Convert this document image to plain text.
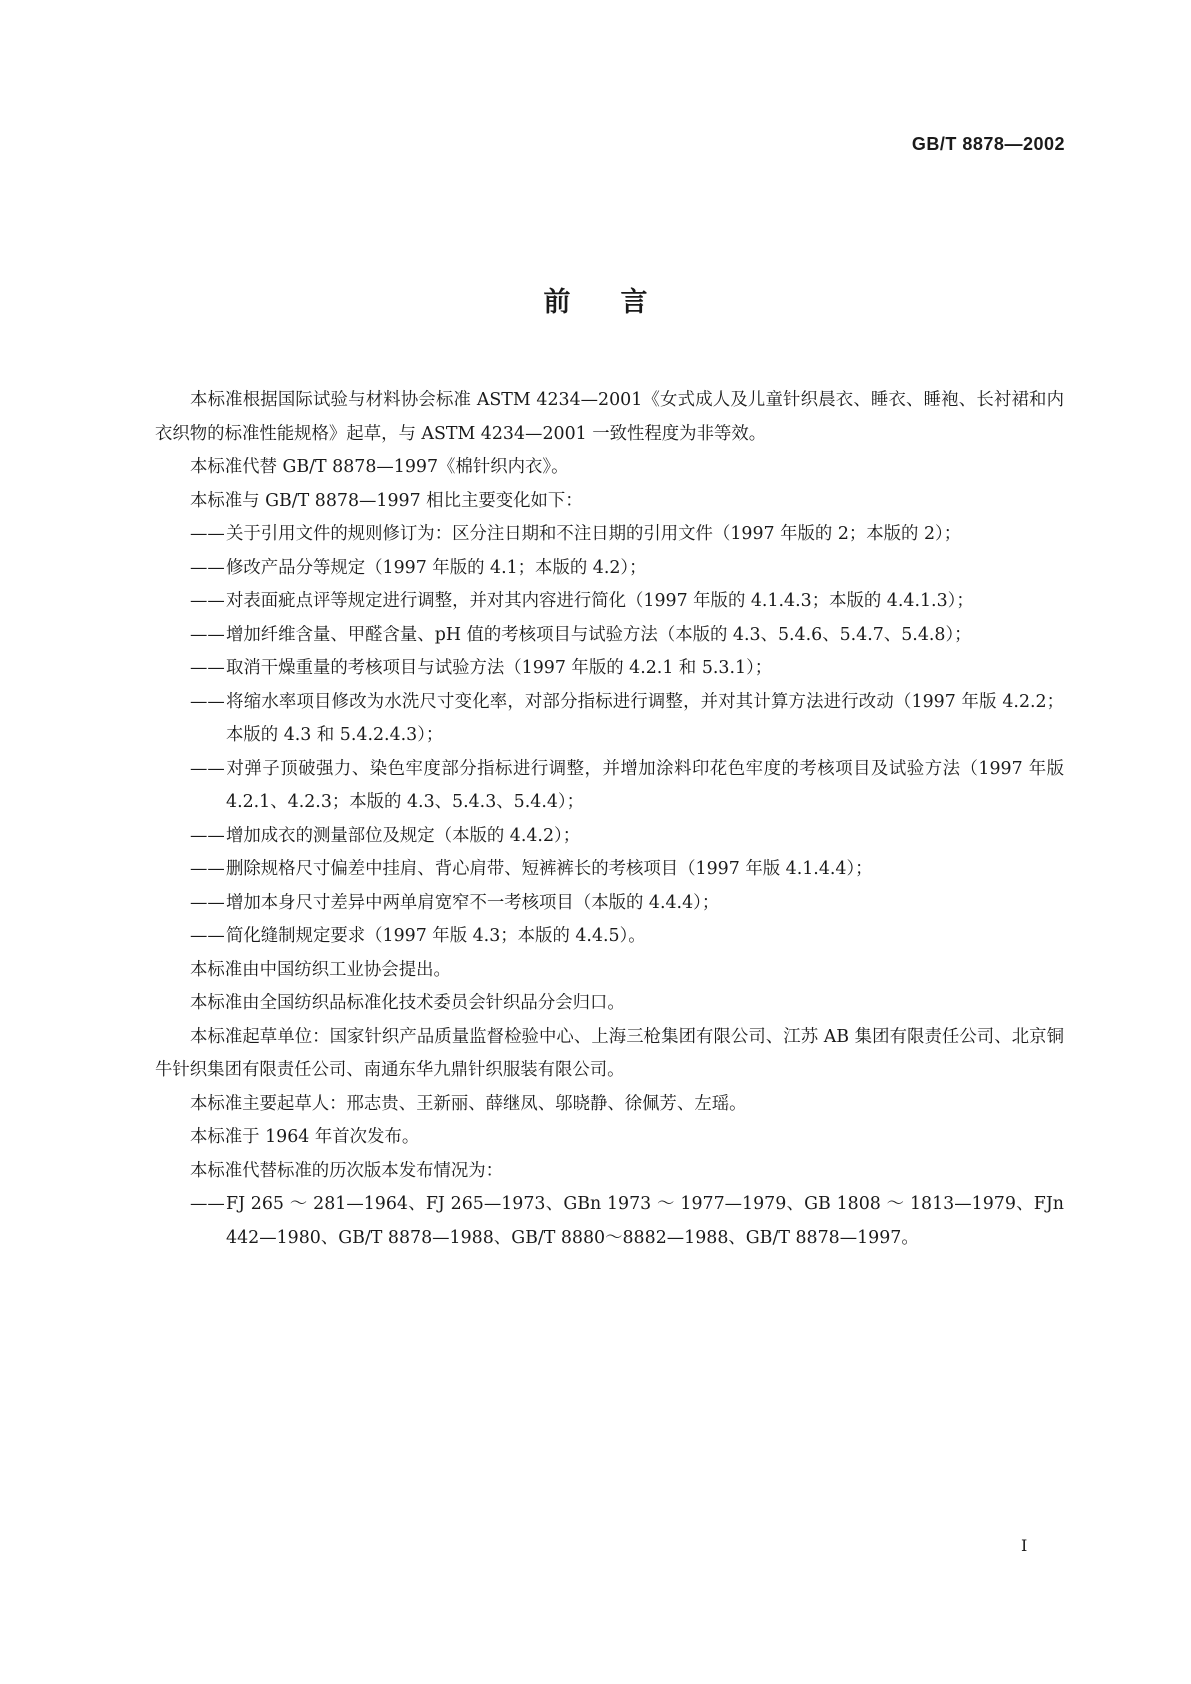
GB/T 8878—2002
前言

本标准根据国际试验与材料协会标准 ASTM 4234—2001《女式成人及儿童针织晨衣、睡衣、睡袍、长衬裙和内衣织物的标准性能规格》起草，与 ASTM 4234—2001 一致性程度为非等效。

本标准代替 GB/T 8878—1997《棉针织内衣》。

本标准与 GB/T 8878—1997 相比主要变化如下：

——关于引用文件的规则修订为：区分注日期和不注日期的引用文件（1997 年版的 2；本版的 2）；

——修改产品分等规定（1997 年版的 4.1；本版的 4.2）；

——对表面疵点评等规定进行调整，并对其内容进行简化（1997 年版的 4.1.4.3；本版的 4.4.1.3）；

——增加纤维含量、甲醛含量、pH 值的考核项目与试验方法（本版的 4.3、5.4.6、5.4.7、5.4.8）；

——取消干燥重量的考核项目与试验方法（1997 年版的 4.2.1 和 5.3.1）；

——将缩水率项目修改为水洗尺寸变化率，对部分指标进行调整，并对其计算方法进行改动（1997 年版 4.2.2；本版的 4.3 和 5.4.2.4.3）；

——对弹子顶破强力、染色牢度部分指标进行调整，并增加涂料印花色牢度的考核项目及试验方法（1997 年版 4.2.1、4.2.3；本版的 4.3、5.4.3、5.4.4）；

——增加成衣的测量部位及规定（本版的 4.4.2）；

——删除规格尺寸偏差中挂肩、背心肩带、短裤裤长的考核项目（1997 年版 4.1.4.4）；

——增加本身尺寸差异中两单肩宽窄不一考核项目（本版的 4.4.4）；

——简化缝制规定要求（1997 年版 4.3；本版的 4.4.5）。

本标准由中国纺织工业协会提出。

本标准由全国纺织品标准化技术委员会针织品分会归口。

本标准起草单位：国家针织产品质量监督检验中心、上海三枪集团有限公司、江苏 AB 集团有限责任公司、北京铜牛针织集团有限责任公司、南通东华九鼎针织服装有限公司。

本标准主要起草人：邢志贵、王新丽、薛继凤、邬晓静、徐佩芳、左瑶。

本标准于 1964 年首次发布。

本标准代替标准的历次版本发布情况为：

——FJ 265 ～ 281—1964、FJ 265—1973、GBn 1973 ～ 1977—1979、GB 1808 ～ 1813—1979、FJn 442—1980、GB/T 8878—1988、GB/T 8880～8882—1988、GB/T 8878—1997。

I
